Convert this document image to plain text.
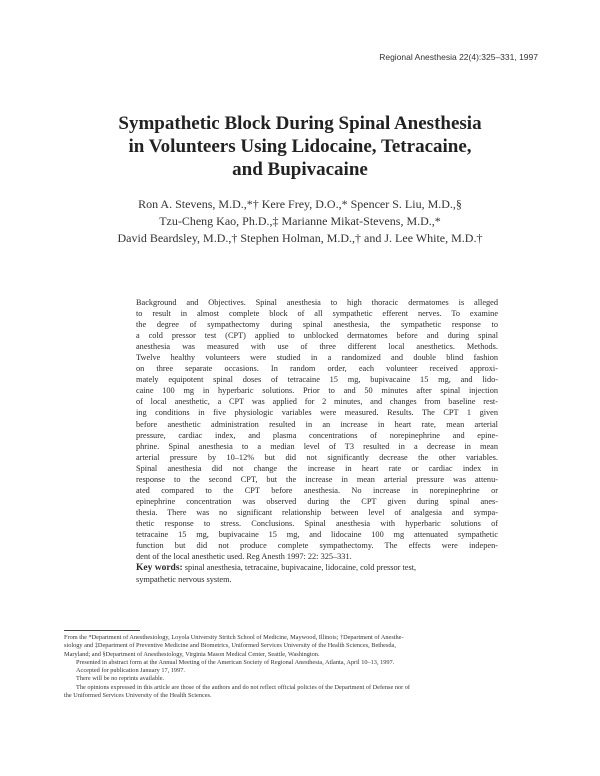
Regional Anesthesia 22(4):325–331, 1997
Sympathetic Block During Spinal Anesthesia
in Volunteers Using Lidocaine, Tetracaine,
and Bupivacaine
Ron A. Stevens, M.D.,*† Kere Frey, D.O.,* Spencer S. Liu, M.D.,§
Tzu-Cheng Kao, Ph.D.,‡ Marianne Mikat-Stevens, M.D.,*
David Beardsley, M.D.,† Stephen Holman, M.D.,† and J. Lee White, M.D.†
Background and Objectives. Spinal anesthesia to high thoracic dermatomes is alleged
to result in almost complete block of all sympathetic efferent nerves. To examine
the degree of sympathectomy during spinal anesthesia, the sympathetic response to
a cold pressor test (CPT) applied to unblocked dermatomes before and during spinal
anesthesia was measured with use of three different local anesthetics. Methods.
Twelve healthy volunteers were studied in a randomized and double blind fashion
on three separate occasions. In random order, each volunteer received approxi-
mately equipotent spinal doses of tetracaine 15 mg, bupivacaine 15 mg, and lido-
caine 100 mg in hyperbaric solutions. Prior to and 50 minutes after spinal injection
of local anesthetic, a CPT was applied for 2 minutes, and changes from baseline rest-
ing conditions in five physiologic variables were measured. Results. The CPT 1 given
before anesthetic administration resulted in an increase in heart rate, mean arterial
pressure, cardiac index, and plasma concentrations of norepinephrine and epine-
phrine. Spinal anesthesia to a median level of T3 resulted in a decrease in mean
arterial pressure by 10–12% but did not significantly decrease the other variables.
Spinal anesthesia did not change the increase in heart rate or cardiac index in
response to the second CPT, but the increase in mean arterial pressure was attenu-
ated compared to the CPT before anesthesia. No increase in norepinephrine or
epinephrine concentration was observed during the CPT given during spinal anes-
thesia. There was no significant relationship between level of analgesia and sympa-
thetic response to stress. Conclusions. Spinal anesthesia with hyperbaric solutions of
tetracaine 15 mg, bupivacaine 15 mg, and lidocaine 100 mg attenuated sympathetic
function but did not produce complete sympathectomy. The effects were indepen-
dent of the local anesthetic used. Reg Anesth 1997: 22: 325–331.
Key words: spinal anesthesia, tetracaine, bupivacaine, lidocaine, cold pressor test,
sympathetic nervous system.
From the *Department of Anesthesiology, Loyola University Stritch School of Medicine, Maywood, Illinois; †Department of Anesthe-
siology and ‡Department of Preventive Medicine and Biometrics, Uniformed Services University of the Health Sciences, Bethesda,
Maryland; and §Department of Anesthesiology, Virginia Mason Medical Center, Seattle, Washington.
Presented in abstract form at the Annual Meeting of the American Society of Regional Anesthesia, Atlanta, April 10–13, 1997.
Accepted for publication January 17, 1997.
There will be no reprints available.
The opinions expressed in this article are those of the authors and do not reflect official policies of the Department of Defense nor of
the Uniformed Services University of the Health Sciences.
